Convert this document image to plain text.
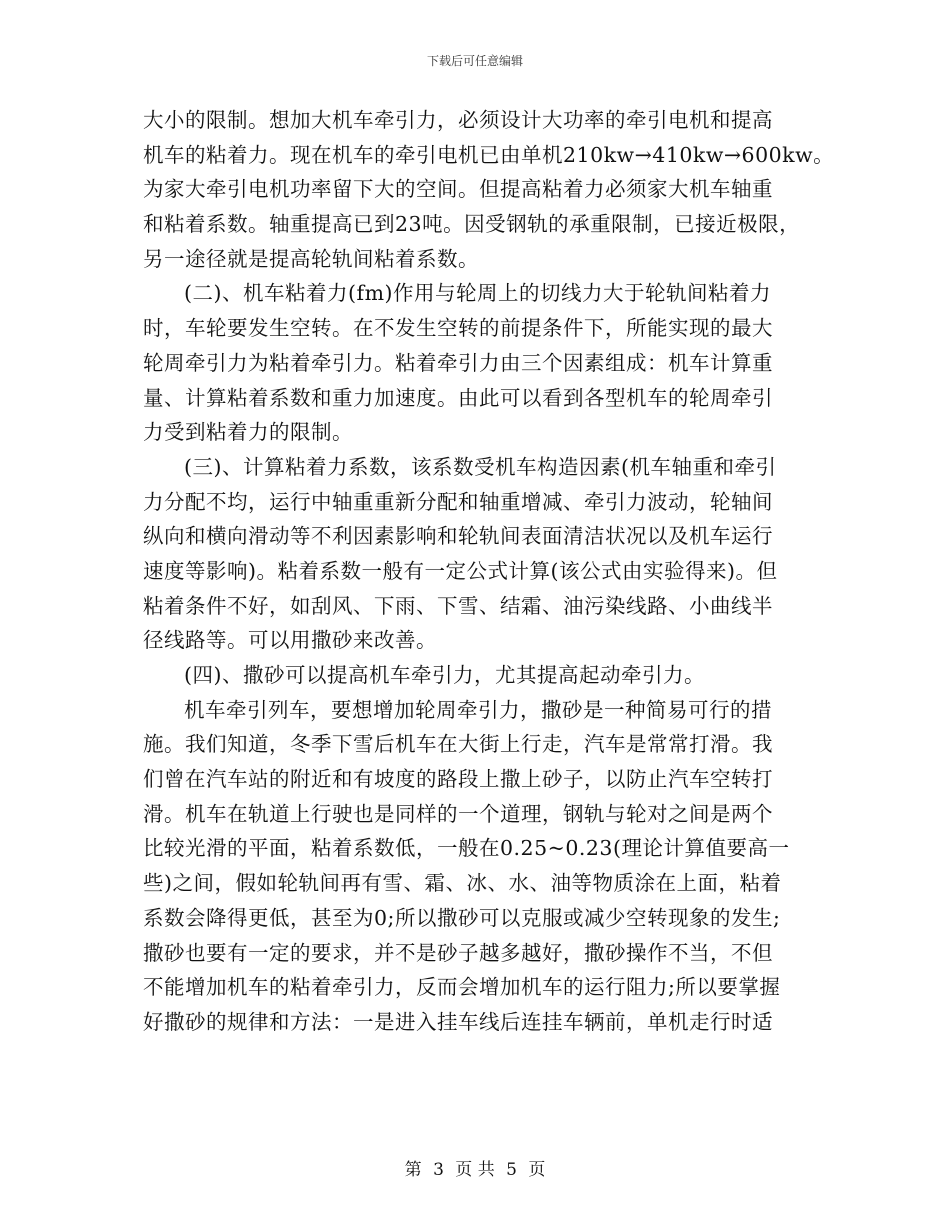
下载后可任意编辑
大小的限制。想加大机车牵引力，必须设计大功率的牵引电机和提高
机车的粘着力。现在机车的牵引电机已由单机210kw→410kw→600kw。
为家大牵引电机功率留下大的空间。但提高粘着力必须家大机车轴重
和粘着系数。轴重提高已到23吨。因受钢轨的承重限制，已接近极限，
另一途径就是提高轮轨间粘着系数。
(二)、机车粘着力(fm)作用与轮周上的切线力大于轮轨间粘着力
时，车轮要发生空转。在不发生空转的前提条件下，所能实现的最大
轮周牵引力为粘着牵引力。粘着牵引力由三个因素组成：机车计算重
量、计算粘着系数和重力加速度。由此可以看到各型机车的轮周牵引
力受到粘着力的限制。
(三)、计算粘着力系数，该系数受机车构造因素(机车轴重和牵引
力分配不均，运行中轴重重新分配和轴重增减、牵引力波动，轮轴间
纵向和横向滑动等不利因素影响和轮轨间表面清洁状况以及机车运行
速度等影响)。粘着系数一般有一定公式计算(该公式由实验得来)。但
粘着条件不好，如刮风、下雨、下雪、结霜、油污染线路、小曲线半
径线路等。可以用撒砂来改善。
(四)、撒砂可以提高机车牵引力，尤其提高起动牵引力。
机车牵引列车，要想增加轮周牵引力，撒砂是一种简易可行的措
施。我们知道，冬季下雪后机车在大街上行走，汽车是常常打滑。我
们曾在汽车站的附近和有坡度的路段上撒上砂子，以防止汽车空转打
滑。机车在轨道上行驶也是同样的一个道理，钢轨与轮对之间是两个
比较光滑的平面，粘着系数低，一般在0.25~0.23(理论计算值要高一
些)之间，假如轮轨间再有雪、霜、冰、水、油等物质涂在上面，粘着
系数会降得更低，甚至为0;所以撒砂可以克服或减少空转现象的发生;
撒砂也要有一定的要求，并不是砂子越多越好，撒砂操作不当，不但
不能增加机车的粘着牵引力，反而会增加机车的运行阻力;所以要掌握
好撒砂的规律和方法：一是进入挂车线后连挂车辆前，单机走行时适
第 3 页 共 5 页
